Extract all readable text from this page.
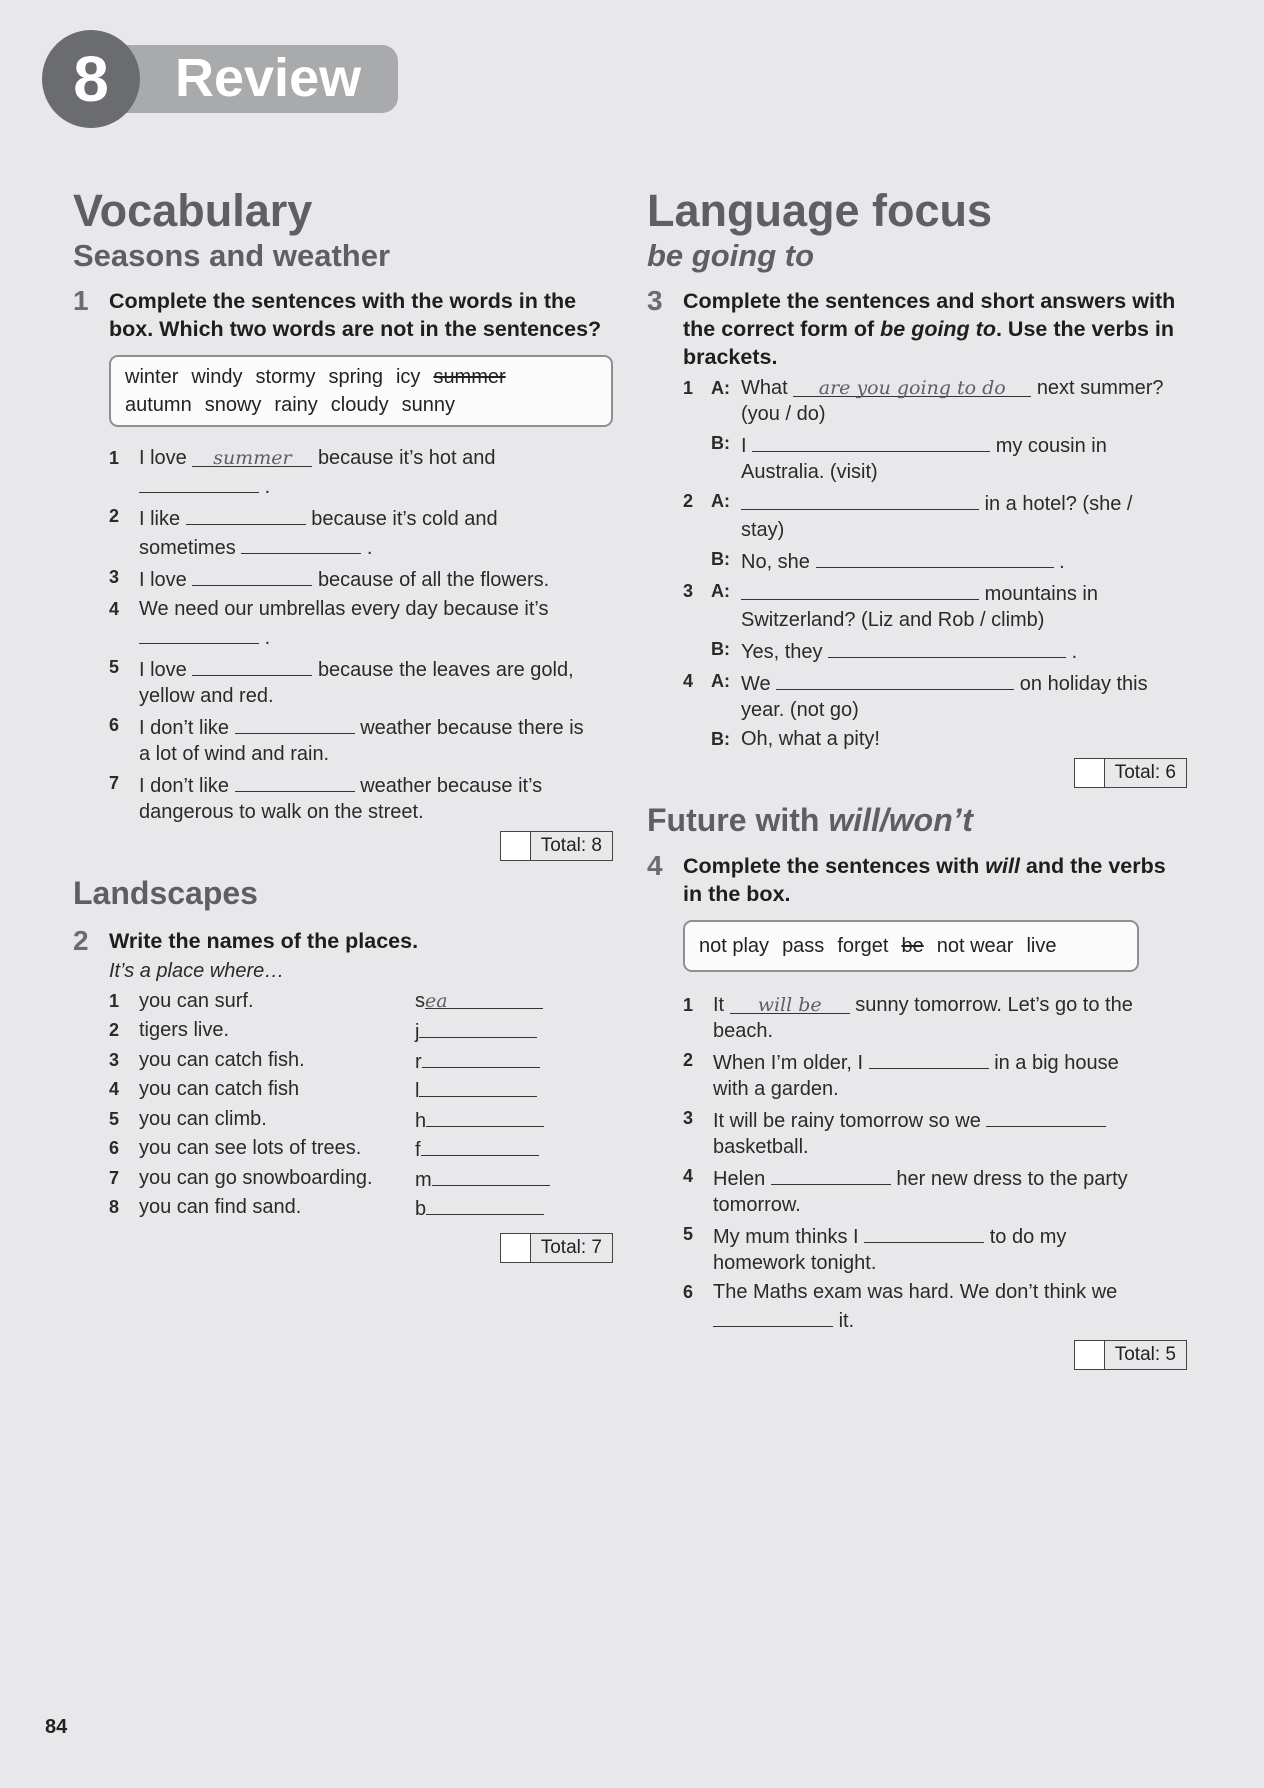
8	Review
Vocabulary
Seasons and weather
1 Complete the sentences with the words in the box. Which two words are not in the sentences?
winter windy stormy spring icy summer
autumn snowy rainy cloudy sunny
1 I love summer because it’s hot and
.
2 I like	because it’s cold and
sometimes	.
3 I love	because of all the flowers.
4 We need our umbrellas every day because it’s
.
5 I love	because the leaves are gold,
yellow and red.
6 I don’t like	weather because there is
a lot of wind and rain.
7 I don’t like	weather because it’s
dangerous to walk on the street.
Total: 8
Landscapes
2 Write the names of the places.
It’s a place where…
1 you can surf.	sea
2 tigers live.	j
3 you can catch fish.	r
4 you can catch fish	l
5 you can climb.	h
6 you can see lots of trees.	f
7 you can go snowboarding. m
8 you can find sand.	b
Total: 7
Language focus
be going to
3 Complete the sentences and short answers with the correct form of be going to. Use the verbs in brackets.
1 A: What are you going to do next summer?
(you / do)
B: I	my cousin in
Australia. (visit)
2 A:	in a hotel? (she /
stay)
B: No, she	.
3 A:	mountains in
Switzerland? (Liz and Rob / climb)
B: Yes, they	.
4 A: We	on holiday this
year. (not go)
B: Oh, what a pity!
Total: 6
Future with will/won’t
4 Complete the sentences with will and the verbs in the box.
not play pass forget be not wear live
1 It will be sunny tomorrow. Let’s go to the
beach.
2 When I’m older, I	in a big house
with a garden.
3 It will be rainy tomorrow so we
basketball.
4 Helen	her new dress to the party
tomorrow.
5 My mum thinks I	to do my
homework tonight.
6 The Maths exam was hard. We don’t think we
it.
Total: 5
84
